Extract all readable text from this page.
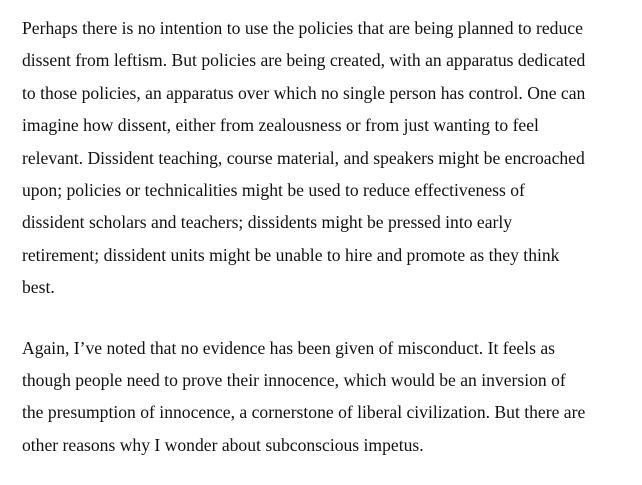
Perhaps there is no intention to use the policies that are being planned to reduce
dissent from leftism. But policies are being created, with an apparatus dedicated
to those policies, an apparatus over which no single person has control. One can
imagine how dissent, either from zealousness or from just wanting to feel
relevant. Dissident teaching, course material, and speakers might be encroached
upon; policies or technicalities might be used to reduce effectiveness of
dissident scholars and teachers; dissidents might be pressed into early
retirement; dissident units might be unable to hire and promote as they think
best.

Again, I’ve noted that no evidence has been given of misconduct. It feels as
though people need to prove their innocence, which would be an inversion of
the presumption of innocence, a cornerstone of liberal civilization. But there are
other reasons why I wonder about subconscious impetus.
